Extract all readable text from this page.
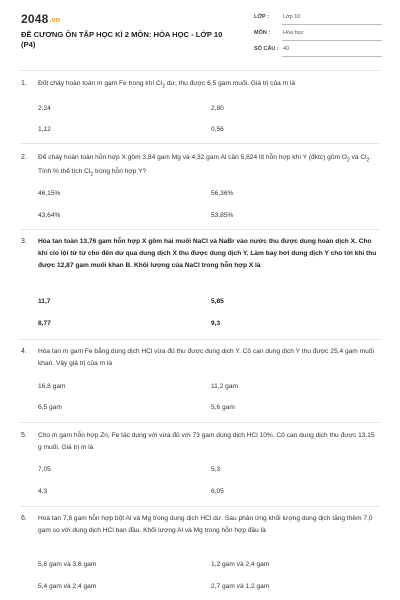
2048.vn
ĐỀ CƯƠNG ÔN TẬP HỌC KÌ 2 MÔN: HÓA HỌC - LỚP 10 (P4)
LỚP :	Lớp 10
MÔN : Hóa học
SỐ CÂU : 40
1. Đốt cháy hoàn toàn m gam Fe trong khí $Cl_2$ dư, thu được 6,5 gam muối. Giá trị của m là
2,24	2,80
1,12	0,56
2. Để cháy hoàn toàn hỗn hợp X gồm 3,84 gam Mg và 4,32 gam Al cần 5,824 lít hỗn hợp khí Y (đktc) gồm $O_2$ và $Cl_2$. Tính % thể tích $Cl_2$ trong hỗn hợp Y?
46,15%	56,36%
43,64%	53,85%
3. Hòa tan toàn 13,76 gam hỗn hợp X gồm hai muối NaCl và NaBr vào nước thu được dung hoàn dịch X. Cho khí clo lội từ từ cho đến dư qua dung dịch X thu được dung dịch Y. Làm bay hơi dung dịch Y cho tới khi thu được 12,87 gam muối khan B. Khối lượng của NaCl trong hỗn hợp X là
11,7	5,85
8,77	9,3
4. Hòa tan m gam Fe bằng dung dịch HCl vừa đủ thu được dung dịch Y. Cô cạn dung dịch Y thu được 25,4 gam muối khan. Vậy giá trị của m là
16,8 gam	11,2 gam
6,5 gam	5,6 gam
5. Cho m gam hỗn hợp Zn, Fe tác dụng với vừa đủ với 73 gam dung dịch HCl 10%. Cô cạn dung dịch thu được 13,15 g muối. Giá trị m là
7,05	5,3
4,3	6,05
6. Hoà tan 7,8 gam hỗn hợp bột Al và Mg trong dung dịch HCl dư. Sau phản ứng khối lượng dung dịch tăng thêm 7,0 gam so với dung dịch HCl ban đầu. Khối lượng Al và Mg trong hỗn hợp đầu là
5,8 gam và 3,6 gam	1,2 gam và 2,4 gam
5,4 gam và 2,4 gam	2,7 gam và 1,2 gam
